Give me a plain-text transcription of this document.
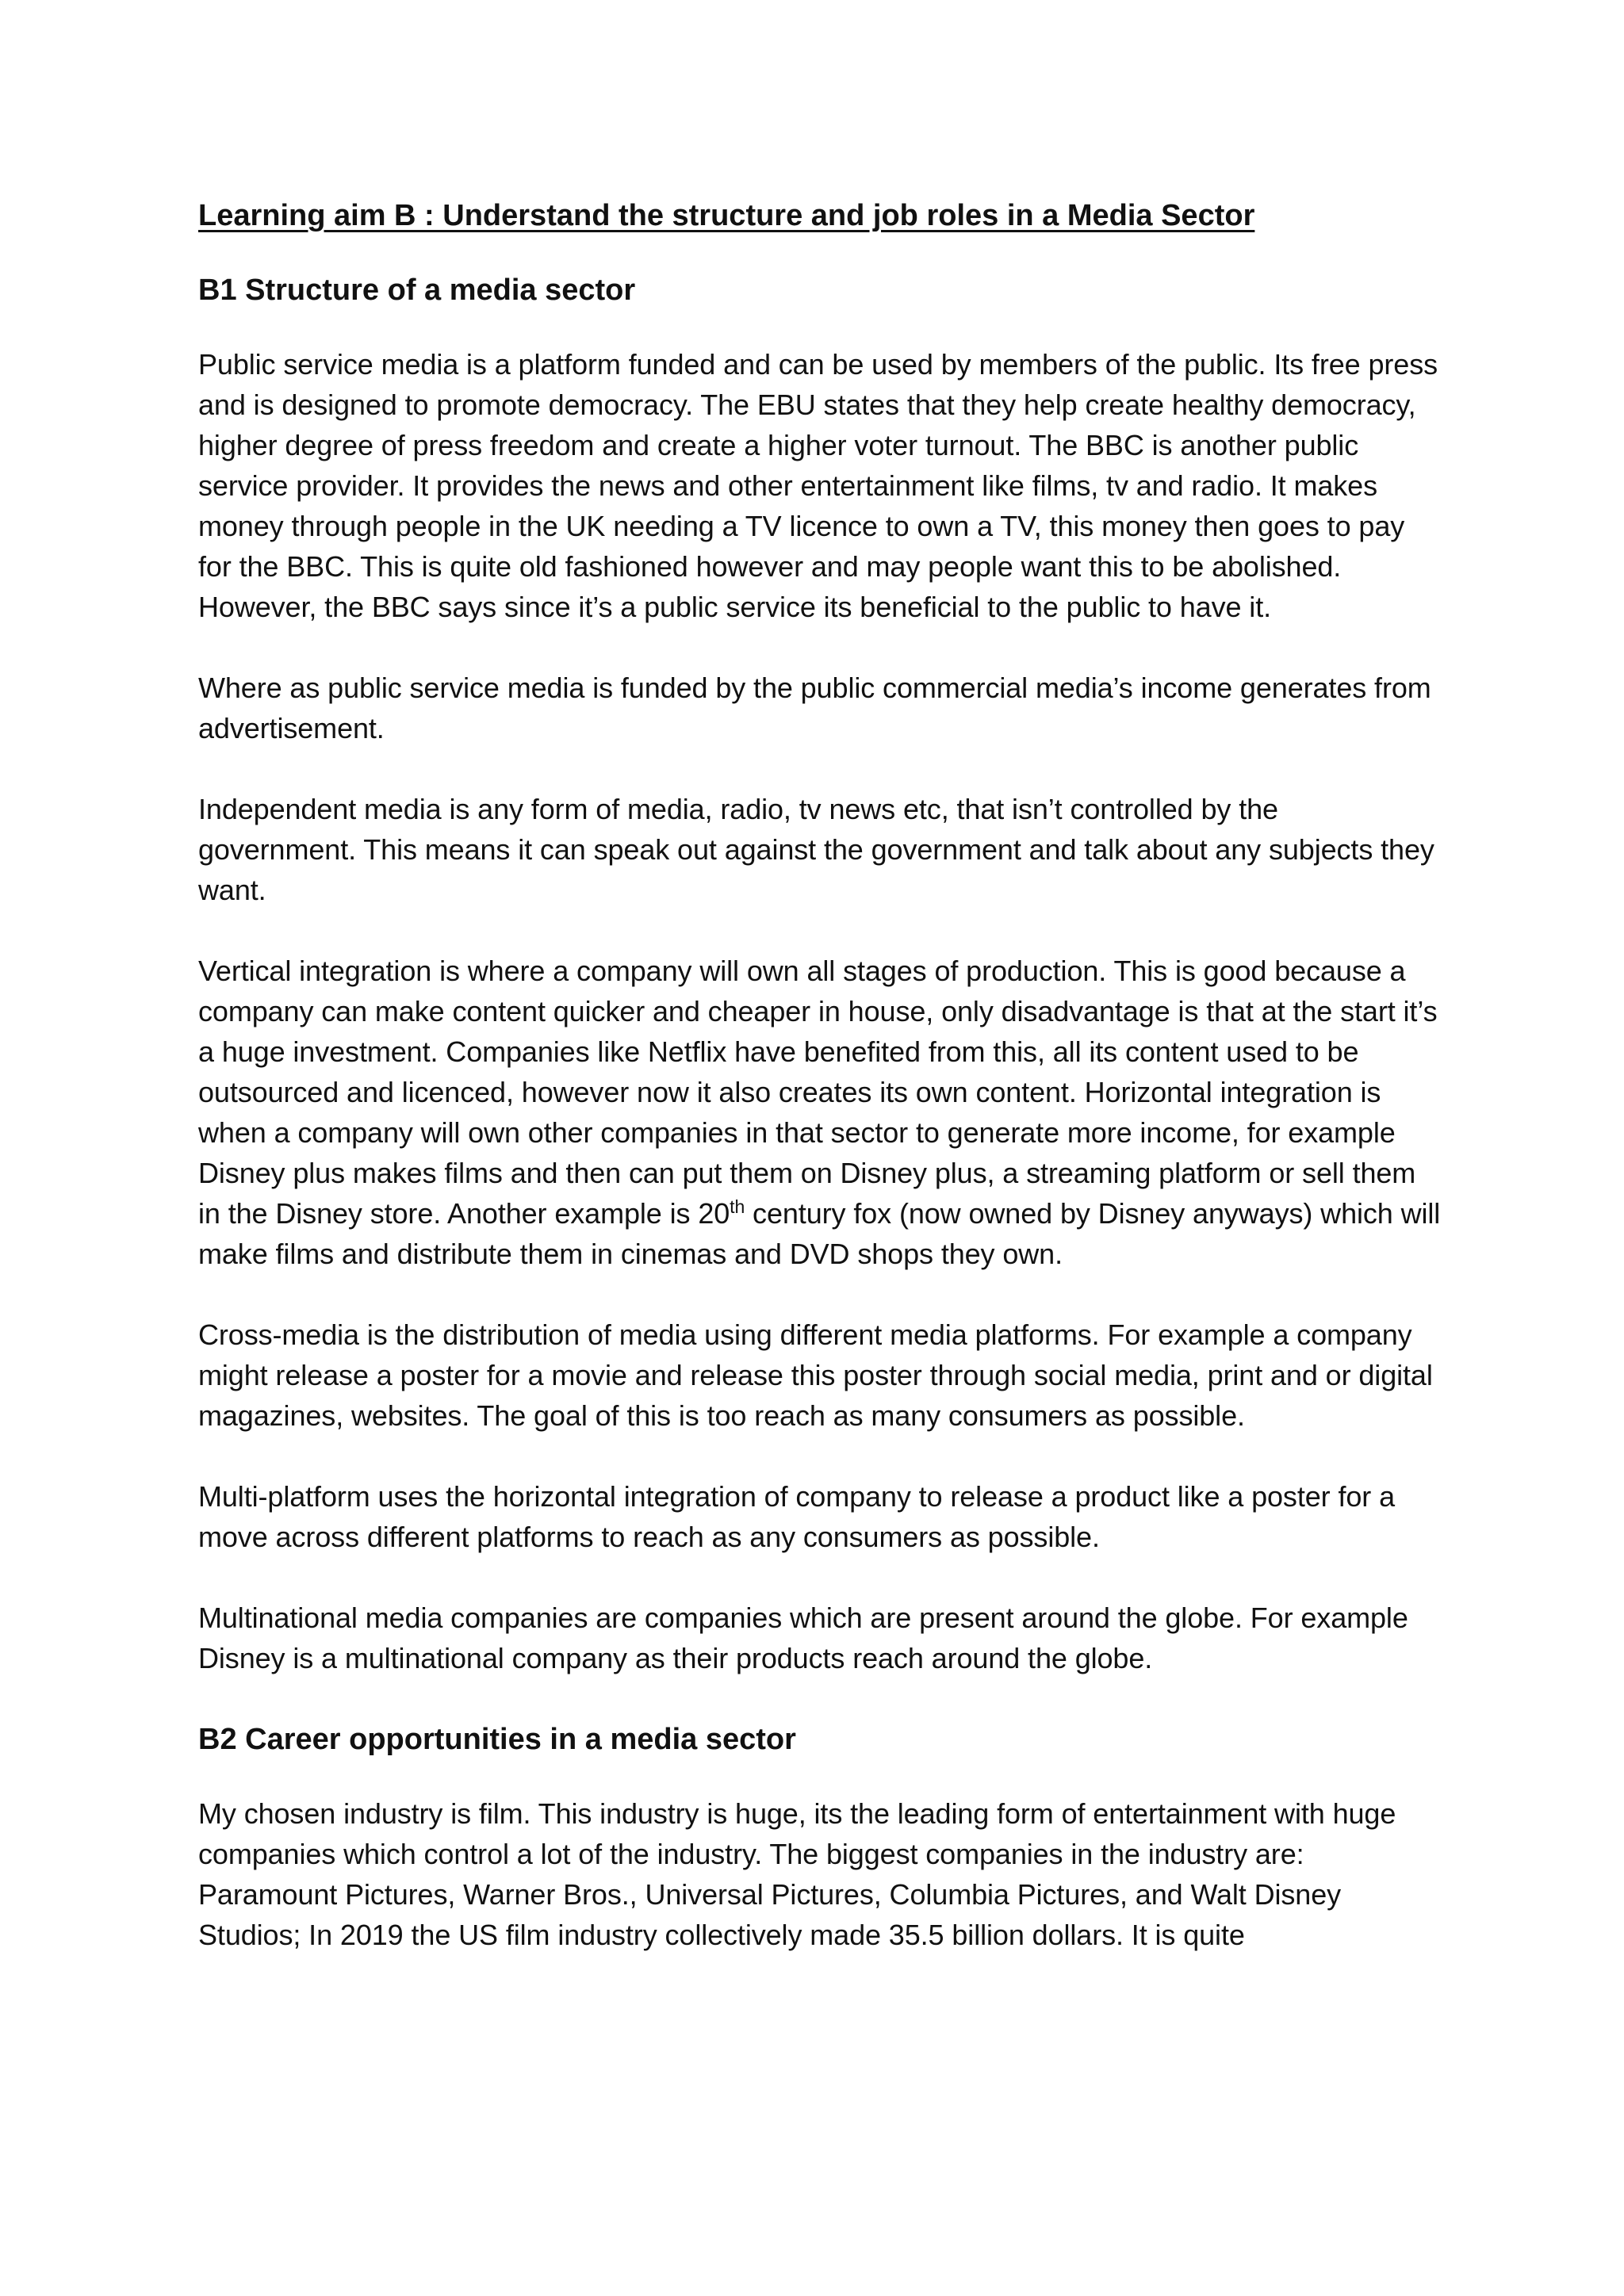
Learning aim B : Understand the structure and job roles in a Media Sector
B1 Structure of a media sector

Public service media is a platform funded and can be used by members of the public. Its free press and is designed to promote democracy. The EBU states that they help create healthy democracy, higher degree of press freedom and create a higher voter turnout. The BBC is another public service provider. It provides the news and other entertainment like films, tv and radio. It makes money through people in the UK needing a TV licence to own a TV, this money then goes to pay for the BBC. This is quite old fashioned however and may people want this to be abolished. However, the BBC says since it’s a public service its beneficial to the public to have it.

Where as public service media is funded by the public commercial media’s income generates from advertisement.

Independent media is any form of media, radio, tv news etc, that isn’t controlled by the government. This means it can speak out against the government and talk about any subjects they want.

Vertical integration is where a company will own all stages of production. This is good because a company can make content quicker and cheaper in house, only disadvantage is that at the start it’s a huge investment. Companies like Netflix have benefited from this, all its content used to be outsourced and licenced, however now it also creates its own content. Horizontal integration is when a company will own other companies in that sector to generate more income, for example Disney plus makes films and then can put them on Disney plus, a streaming platform or sell them in the Disney store. Another example is 20th century fox (now owned by Disney anyways) which will make films and distribute them in cinemas and DVD shops they own.

Cross-media is the distribution of media using different media platforms. For example a company might release a poster for a movie and release this poster through social media, print and or digital magazines, websites. The goal of this is too reach as many consumers as possible.

Multi-platform uses the horizontal integration of company to release a product like a poster for a move across different platforms to reach as any consumers as possible.

Multinational media companies are companies which are present around the globe. For example Disney is a multinational company as their products reach around the globe.

B2 Career opportunities in a media sector

My chosen industry is film. This industry is huge, its the leading form of entertainment with huge companies which control a lot of the industry. The biggest companies in the industry are: Paramount Pictures, Warner Bros., Universal Pictures, Columbia Pictures, and Walt Disney Studios; In 2019 the US film industry collectively made 35.5 billion dollars. It is quite
